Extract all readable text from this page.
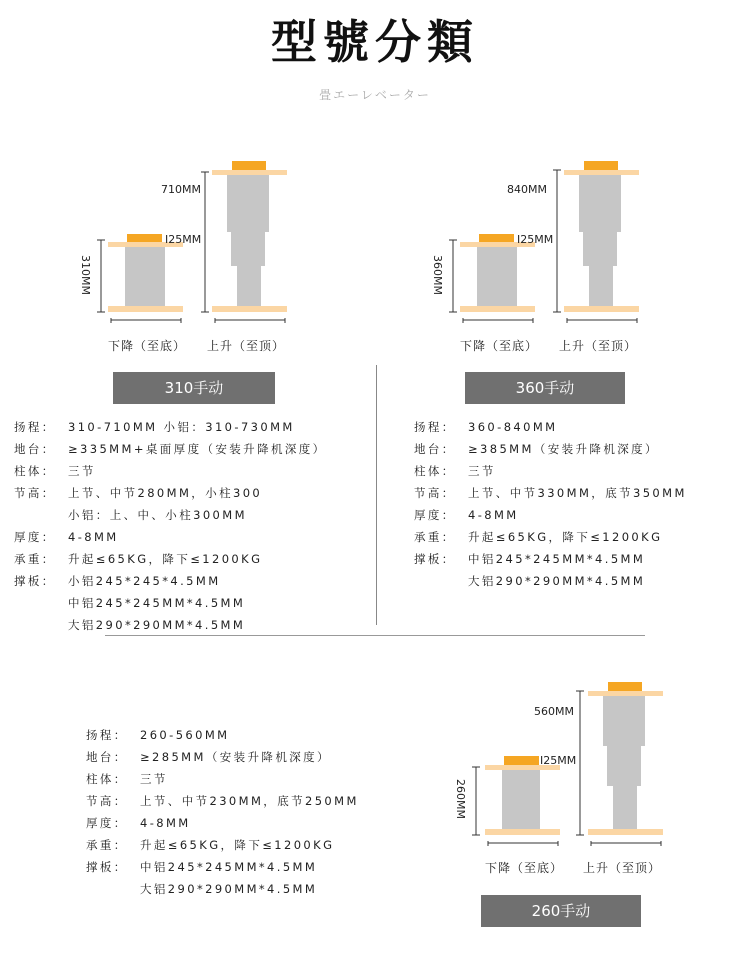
型號分類
畳エーレベーター
310MM
I25MM
710MM
下降（至底） 上升（至顶）
310手动
360MM
I25MM
840MM
下降（至底） 上升（至顶）
360手动
扬程： 310-710MM 小铝：310-730MM
地台： ≥335MM+桌面厚度（安装升降机深度）
柱体： 三节
节高： 上节、中节280MM，小柱300
小铝：上、中、小柱300MM
厚度： 4-8MM
承重： 升起≤65KG，降下≤1200KG
撑板： 小铝245*245*4.5MM
中铝245*245MM*4.5MM
大铝290*290MM*4.5MM
扬程： 360-840MM
地台： ≥385MM（安装升降机深度）
柱体： 三节
节高： 上节、中节330MM，底节350MM
厚度： 4-8MM
承重： 升起≤65KG，降下≤1200KG
撑板： 中铝245*245MM*4.5MM
大铝290*290MM*4.5MM
扬程： 260-560MM
地台： ≥285MM（安装升降机深度）
柱体： 三节
节高： 上节、中节230MM，底节250MM
厚度： 4-8MM
承重： 升起≤65KG，降下≤1200KG
撑板： 中铝245*245MM*4.5MM
大铝290*290MM*4.5MM
260MM
I25MM
560MM
下降（至底） 上升（至顶）
260手动
